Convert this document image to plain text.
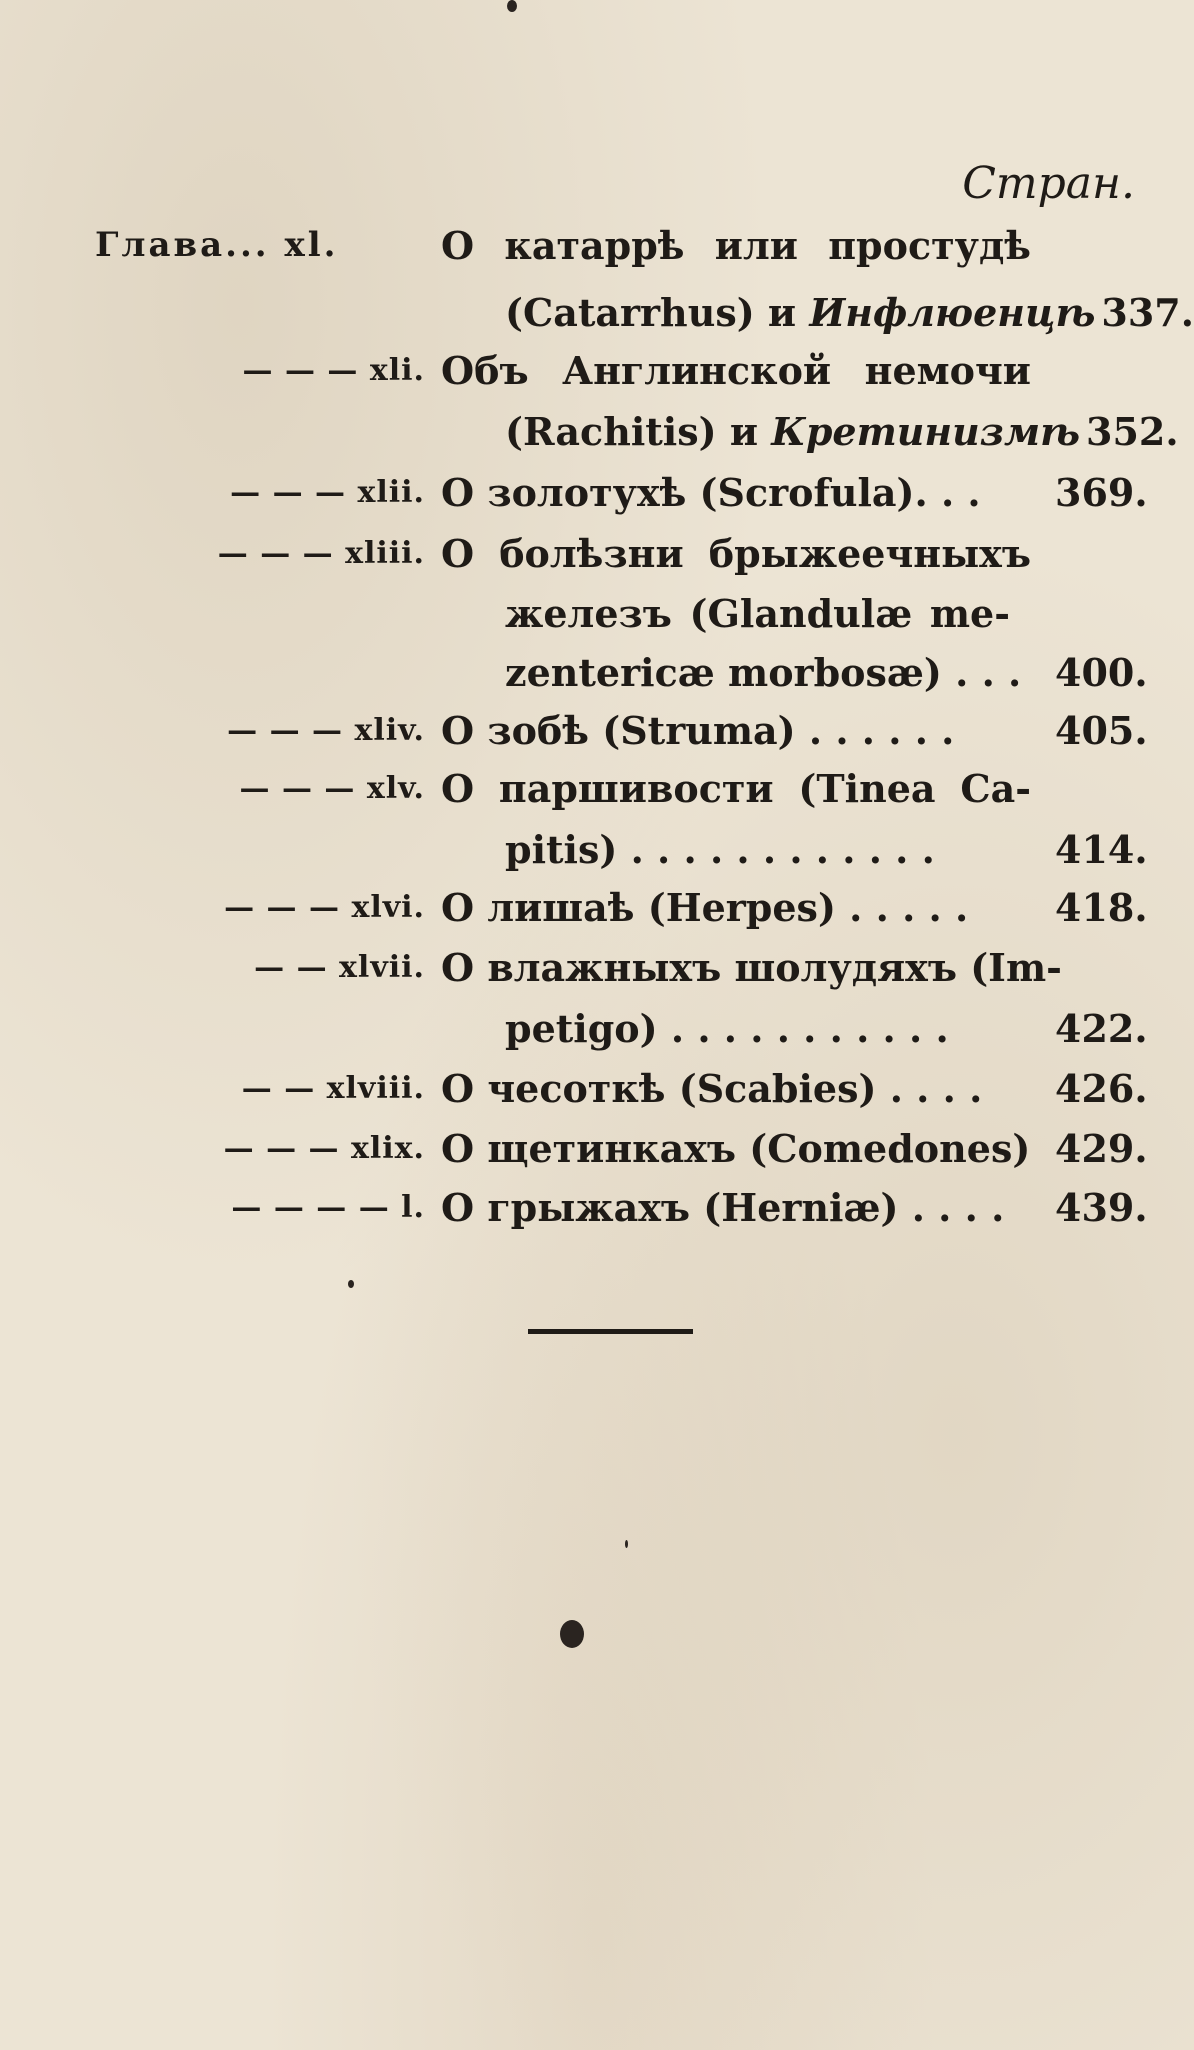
Стран.
Глава... xl.	О катаррѣ или простудѣ
(Catarrhus) и Инфлюенцѣ 337.
— — — xli. Объ Англинской немочи
(Rachitis) и Кретинизмѣ 352.
— — — xlii. О золотухѣ (Scrofula). . .	369.
— — — xliii. О болѣзни брыжеечныхъ
железъ (Glandulæ me-
zentericæ morbosæ) . . . 400.
— — — xliv. О зобѣ (Struma) . . . . . .	405.
— — — xlv. О паршивости (Tinea Ca-
pitis) . . . . . . . . . . . .	414.
— — — xlvi. О лишаѣ (Herpes) . . . . .	418.
— — xlvii. О влажныхъ шолудяхъ (Im-
petigo) . . . . . . . . . . .	422.
— — xlviii. О чесоткѣ (Scabies) . . . .	426.
— — — xlix. О щетинкахъ (Comedones) 429.
— — — — l. О грыжахъ (Herniæ) . . . .	439.
